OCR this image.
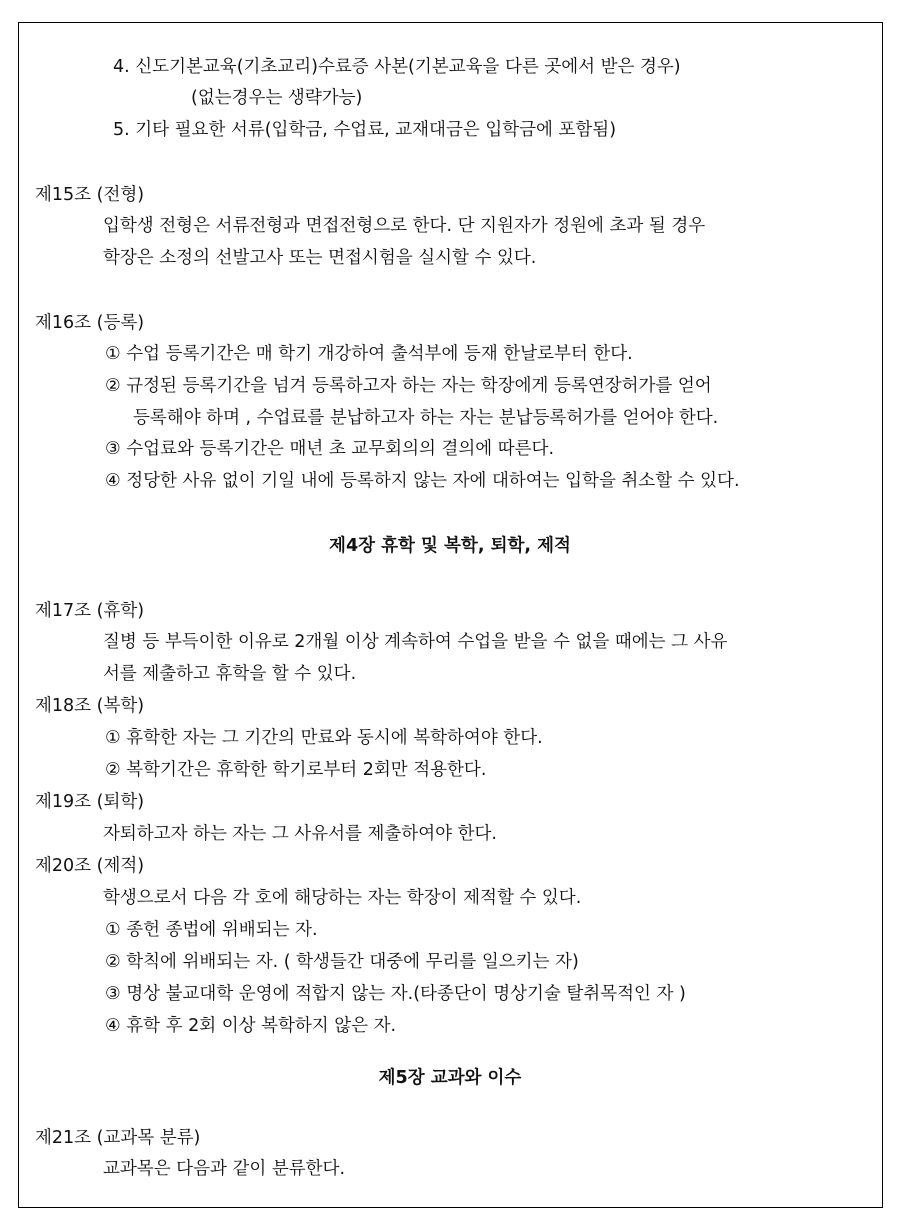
4. 신도기본교육(기초교리)수료증 사본(기본교육을 다른 곳에서 받은 경우)
(없는경우는 생략가능)
5. 기타 필요한 서류(입학금, 수업료, 교재대금은 입학금에 포함됨)
제15조 (전형)
입학생 전형은 서류전형과 면접전형으로 한다. 단 지원자가 정원에 초과 될 경우
학장은 소정의 선발고사 또는 면접시험을 실시할 수 있다.
제16조 (등록)
① 수업 등록기간은 매 학기 개강하여 출석부에 등재 한날로부터 한다.
② 규정된 등록기간을 넘겨 등록하고자 하는 자는 학장에게 등록연장허가를 얻어
등록해야 하며 , 수업료를 분납하고자 하는 자는 분납등록허가를 얻어야 한다.
③ 수업료와 등록기간은 매년 초 교무회의의 결의에 따른다.
④ 정당한 사유 없이 기일 내에 등록하지 않는 자에 대하여는 입학을 취소할 수 있다.
제4장 휴학 및 복학, 퇴학, 제적
제17조 (휴학)
질병 등 부득이한 이유로 2개월 이상 계속하여 수업을 받을 수 없을 때에는 그 사유
서를 제출하고 휴학을 할 수 있다.
제18조 (복학)
① 휴학한 자는 그 기간의 만료와 동시에 복학하여야 한다.
② 복학기간은 휴학한 학기로부터 2회만 적용한다.
제19조 (퇴학)
자퇴하고자 하는 자는 그 사유서를 제출하여야 한다.
제20조 (제적)
학생으로서 다음 각 호에 해당하는 자는 학장이 제적할 수 있다.
① 종헌 종법에 위배되는 자.
② 학칙에 위배되는 자. ( 학생들간 대중에 무리를 일으키는 자)
③ 명상 불교대학 운영에 적합지 않는 자.(타종단이 명상기술 탈취목적인 자 )
④ 휴학 후 2회 이상 복학하지 않은 자.
제5장 교과와 이수
제21조 (교과목 분류)
교과목은 다음과 같이 분류한다.
